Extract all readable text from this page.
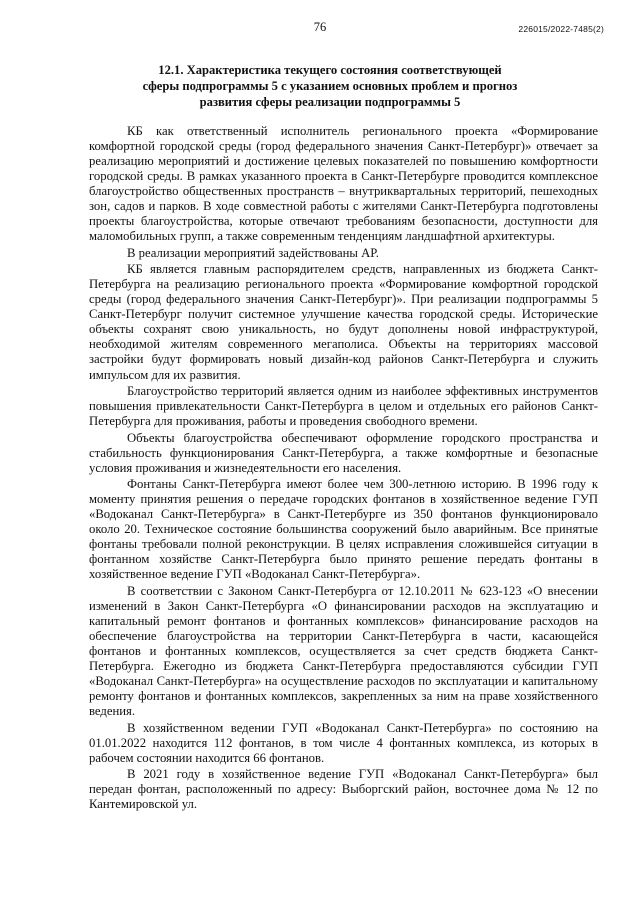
76	226015/2022-7485(2)
12.1. Характеристика текущего состояния соответствующей
сферы подпрограммы 5 с указанием основных проблем и прогноз
развития сферы реализации подпрограммы 5

КБ как ответственный исполнитель регионального проекта «Формирование комфортной городской среды (город федерального значения Санкт-Петербург)» отвечает за реализацию мероприятий и достижение целевых показателей по повышению комфортности городской среды. В рамках указанного проекта в Санкт-Петербурге проводится комплексное благоустройство общественных пространств – внутриквартальных территорий, пешеходных зон, садов и парков. В ходе совместной работы с жителями Санкт-Петербурга подготовлены проекты благоустройства, которые отвечают требованиям безопасности, доступности для маломобильных групп, а также современным тенденциям ландшафтной архитектуры.

В реализации мероприятий задействованы АР.

КБ является главным распорядителем средств, направленных из бюджета Санкт-Петербурга на реализацию регионального проекта «Формирование комфортной городской среды (город федерального значения Санкт-Петербург)». При реализации подпрограммы 5 Санкт-Петербург получит системное улучшение качества городской среды. Исторические объекты сохранят свою уникальность, но будут дополнены новой инфраструктурой, необходимой жителям современного мегаполиса. Объекты на территориях массовой застройки будут формировать новый дизайн-код районов Санкт-Петербурга и служить импульсом для их развития.

Благоустройство территорий является одним из наиболее эффективных инструментов повышения привлекательности Санкт-Петербурга в целом и отдельных его районов Санкт-Петербурга для проживания, работы и проведения свободного времени.

Объекты благоустройства обеспечивают оформление городского пространства и стабильность функционирования Санкт-Петербурга, а также комфортные и безопасные условия проживания и жизнедеятельности его населения.

Фонтаны Санкт-Петербурга имеют более чем 300-летнюю историю. В 1996 году к моменту принятия решения о передаче городских фонтанов в хозяйственное ведение ГУП «Водоканал Санкт-Петербурга» в Санкт-Петербурге из 350 фонтанов функционировало около 20. Техническое состояние большинства сооружений было аварийным. Все принятые фонтаны требовали полной реконструкции. В целях исправления сложившейся ситуации в фонтанном хозяйстве Санкт-Петербурга было принято решение передать фонтаны в хозяйственное ведение ГУП «Водоканал Санкт-Петербурга».

В соответствии с Законом Санкт-Петербурга от 12.10.2011 № 623-123 «О внесении изменений в Закон Санкт-Петербурга «О финансировании расходов на эксплуатацию и капитальный ремонт фонтанов и фонтанных комплексов» финансирование расходов на обеспечение благоустройства на территории Санкт-Петербурга в части, касающейся фонтанов и фонтанных комплексов, осуществляется за счет средств бюджета Санкт-Петербурга. Ежегодно из бюджета Санкт-Петербурга предоставляются субсидии ГУП «Водоканал Санкт-Петербурга» на осуществление расходов по эксплуатации и капитальному ремонту фонтанов и фонтанных комплексов, закрепленных за ним на праве хозяйственного ведения.

В хозяйственном ведении ГУП «Водоканал Санкт-Петербурга» по состоянию на 01.01.2022 находится 112 фонтанов, в том числе 4 фонтанных комплекса, из которых в рабочем состоянии находится 66 фонтанов.

В 2021 году в хозяйственное ведение ГУП «Водоканал Санкт-Петербурга» был передан фонтан, расположенный по адресу: Выборгский район, восточнее дома № 12 по Кантемировской ул.
